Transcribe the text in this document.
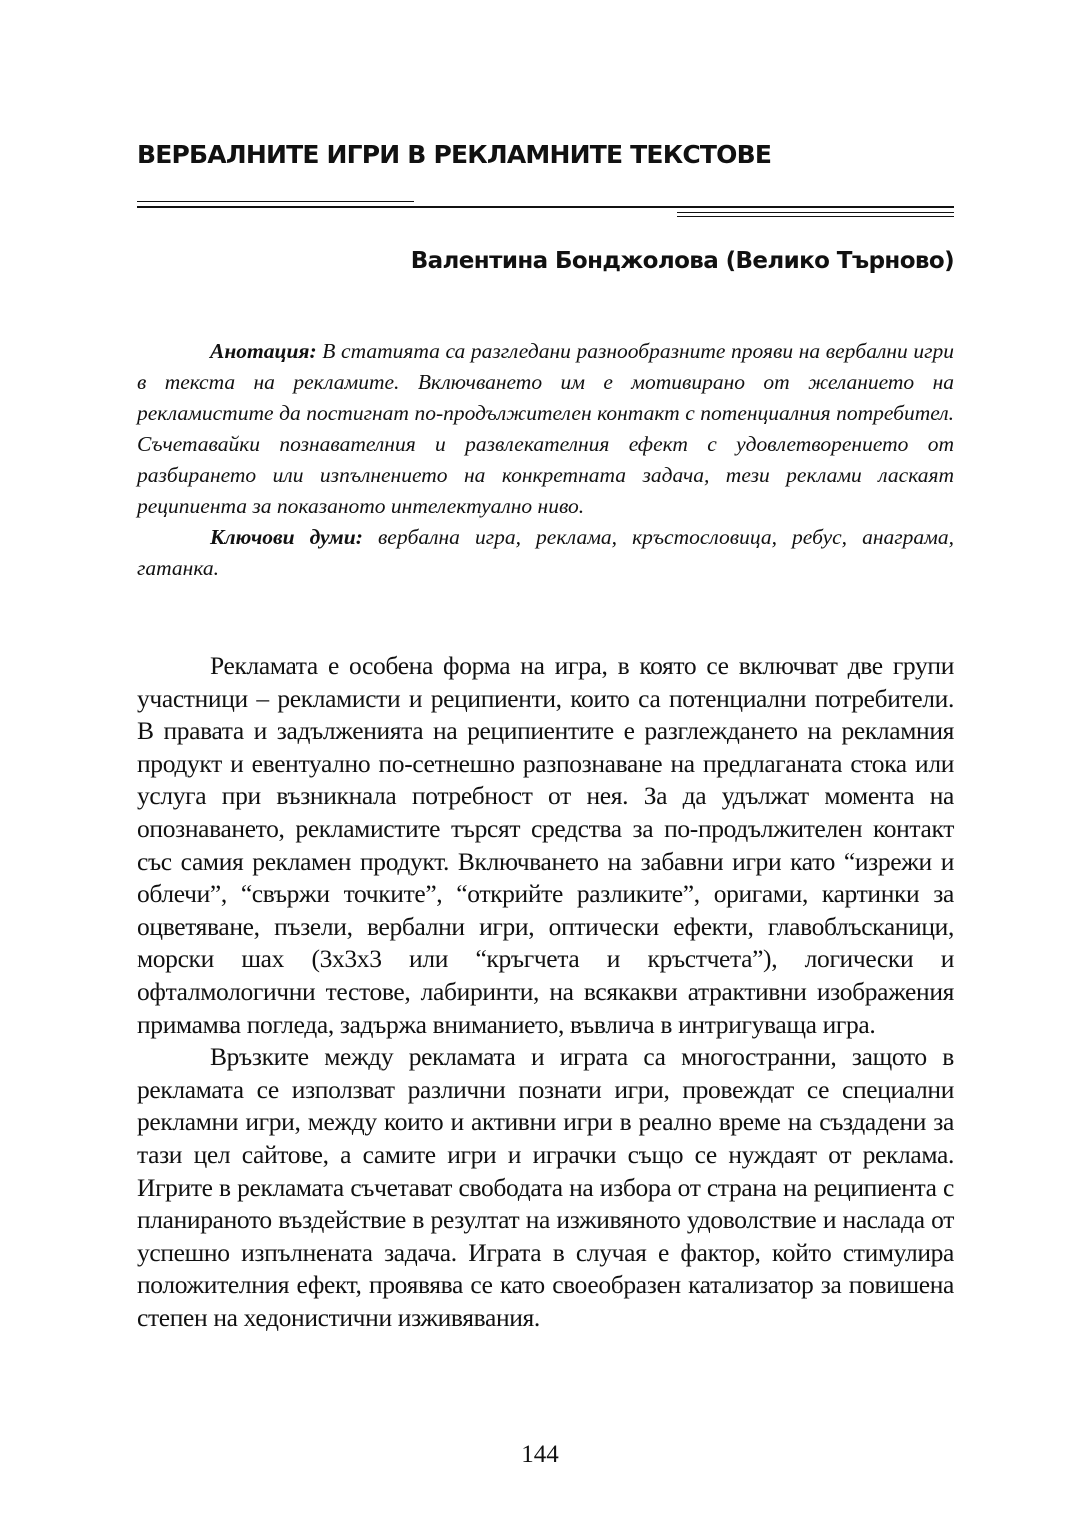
ВЕРБАЛНИТЕ ИГРИ В РЕКЛАМНИТЕ ТЕКСТОВЕ
Валентина Бонджолова (Велико Търново)

Анотация: В статията са разгледани разнообразните прояви на вербални игри в текста на рекламите. Включването им е мотивирано от желанието на рекламистите да постигнат по-продължителен контакт с потенциалния потребител. Съчетавайки познавателния и развлекателния ефект с удовлетворението от разбирането или изпълнението на конкретната задача, тези реклами ласкаят реципиента за показаното интелектуално ниво.

Ключови думи: вербална игра, реклама, кръстословица, ребус, анаграма, гатанка.

Рекламата е особена форма на игра, в която се включват две групи участници – рекламисти и реципиенти, които са потенциални потребители. В правата и задълженията на реципиентите е разглеждането на рекламния продукт и евентуално по-сетнешно разпознаване на предлаганата стока или услуга при възникнала потребност от нея. За да удължат момента на опознаването, рекламистите търсят средства за по-продължителен контакт със самия рекламен продукт. Включването на забавни игри като “изрежи и облечи”, “свържи точките”, “открийте разликите”, оригами, картинки за оцветяване, пъзели, вербални игри, оптически ефекти, главоблъсканици, морски шах (3х3х3 или “кръгчета и кръстчета”), логически и офталмологични тестове, лабиринти, на всякакви атрактивни изображения примамва погледа, задържа вниманието, въвлича в интригуваща игра.

Връзките между рекламата и играта са многостранни, защото в рекламата се използват различни познати игри, провеждат се специални рекламни игри, между които и активни игри в реално време на създадени за тази цел сайтове, а самите игри и играчки също се нуждаят от реклама. Игрите в рекламата съчетават свободата на избора от страна на реципиента с планираното въздействие в резултат на изживяното удоволствие и наслада от успешно изпълнената задача. Играта в случая е фактор, който стимулира положителния ефект, проявява се като своеобразен катализатор за повишена степен на хедонистични изживявания.

144
